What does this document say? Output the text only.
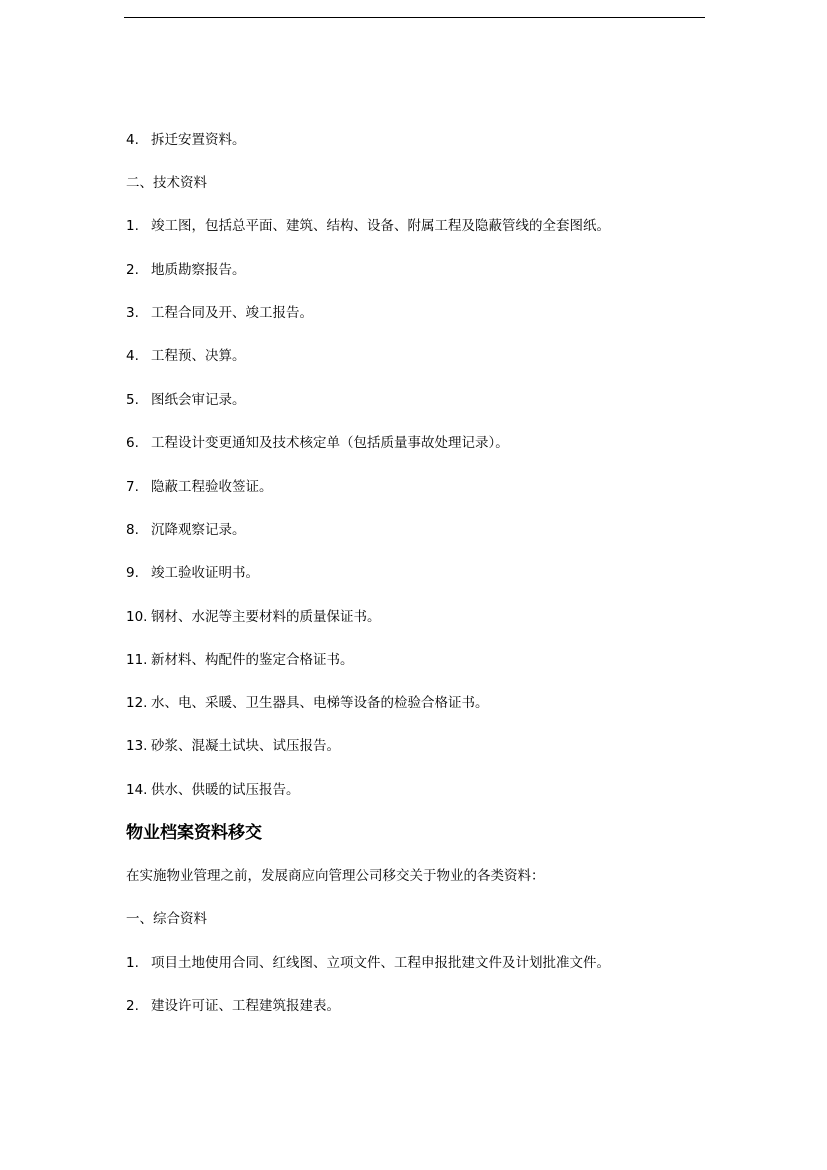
4. 拆迁安置资料。
二、技术资料
1. 竣工图，包括总平面、建筑、结构、设备、附属工程及隐蔽管线的全套图纸。
2. 地质勘察报告。
3. 工程合同及开、竣工报告。
4. 工程预、决算。
5. 图纸会审记录。
6. 工程设计变更通知及技术核定单（包括质量事故处理记录）。
7. 隐蔽工程验收签证。
8. 沉降观察记录。
9. 竣工验收证明书。
10. 钢材、水泥等主要材料的质量保证书。
11. 新材料、构配件的鉴定合格证书。
12. 水、电、采暖、卫生器具、电梯等设备的检验合格证书。
13. 砂浆、混凝土试块、试压报告。
14. 供水、供暖的试压报告。
物业档案资料移交
在实施物业管理之前，发展商应向管理公司移交关于物业的各类资料：
一、综合资料
1. 项目土地使用合同、红线图、立项文件、工程申报批建文件及计划批准文件。
2. 建设许可证、工程建筑报建表。
